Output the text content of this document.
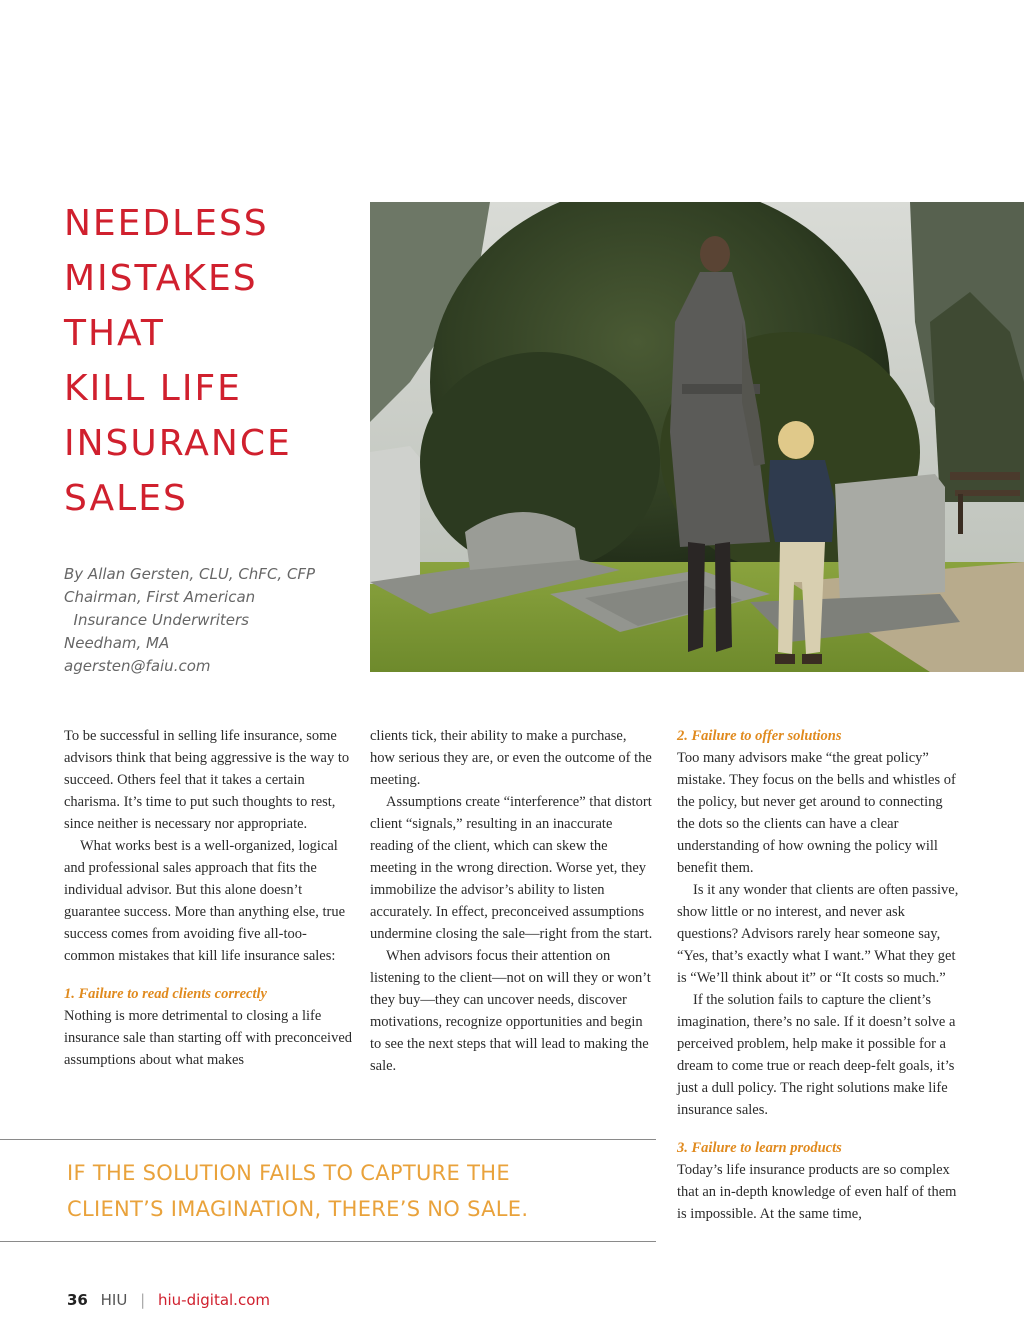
NEEDLESS
MISTAKES
THAT
KILL LIFE
INSURANCE
SALES
By Allan Gersten, CLU, ChFC, CFP
Chairman, First American
Insurance Underwriters
Needham, MA
agersten@faiu.com

To be successful in selling life insurance, some advisors think that being aggressive is the way to succeed. Others feel that it takes a certain charisma. It’s time to put such thoughts to rest, since neither is necessary nor appropriate.

What works best is a well-organized, logical and professional sales approach that fits the individual advisor. But this alone doesn’t guarantee success. More than anything else, true success comes from avoiding five all-too-common mistakes that kill life insurance sales:

1. Failure to read clients correctly

Nothing is more detrimental to closing a life insurance sale than starting off with preconceived assumptions about what makes

clients tick, their ability to make a purchase, how serious they are, or even the outcome of the meeting.

Assumptions create “interference” that distort client “signals,” resulting in an inaccurate reading of the client, which can skew the meeting in the wrong direction. Worse yet, they immobilize the advisor’s ability to listen accurately. In effect, preconceived assumptions undermine closing the sale—right from the start.

When advisors focus their attention on listening to the client—not on will they or won’t they buy—they can uncover needs, discover motivations, recognize opportunities and begin to see the next steps that will lead to making the sale.

2. Failure to offer solutions

Too many advisors make “the great policy” mistake. They focus on the bells and whistles of the policy, but never get around to connecting the dots so the clients can have a clear understanding of how owning the policy will benefit them.

Is it any wonder that clients are often passive, show little or no interest, and never ask questions? Advisors rarely hear someone say, “Yes, that’s exactly what I want.” What they get is “We’ll think about it” or “It costs so much.”

If the solution fails to capture the client’s imagination, there’s no sale. If it doesn’t solve a perceived problem, help make it possible for a dream to come true or reach deep-felt goals, it’s just a dull policy. The right solutions make life insurance sales.

3. Failure to learn products

Today’s life insurance products are so complex that an in-depth knowledge of even half of them is impossible. At the same time,

IF THE SOLUTION FAILS TO CAPTURE THE
CLIENT’S IMAGINATION, THERE’S NO SALE.
36 HIU | hiu-digital.com
